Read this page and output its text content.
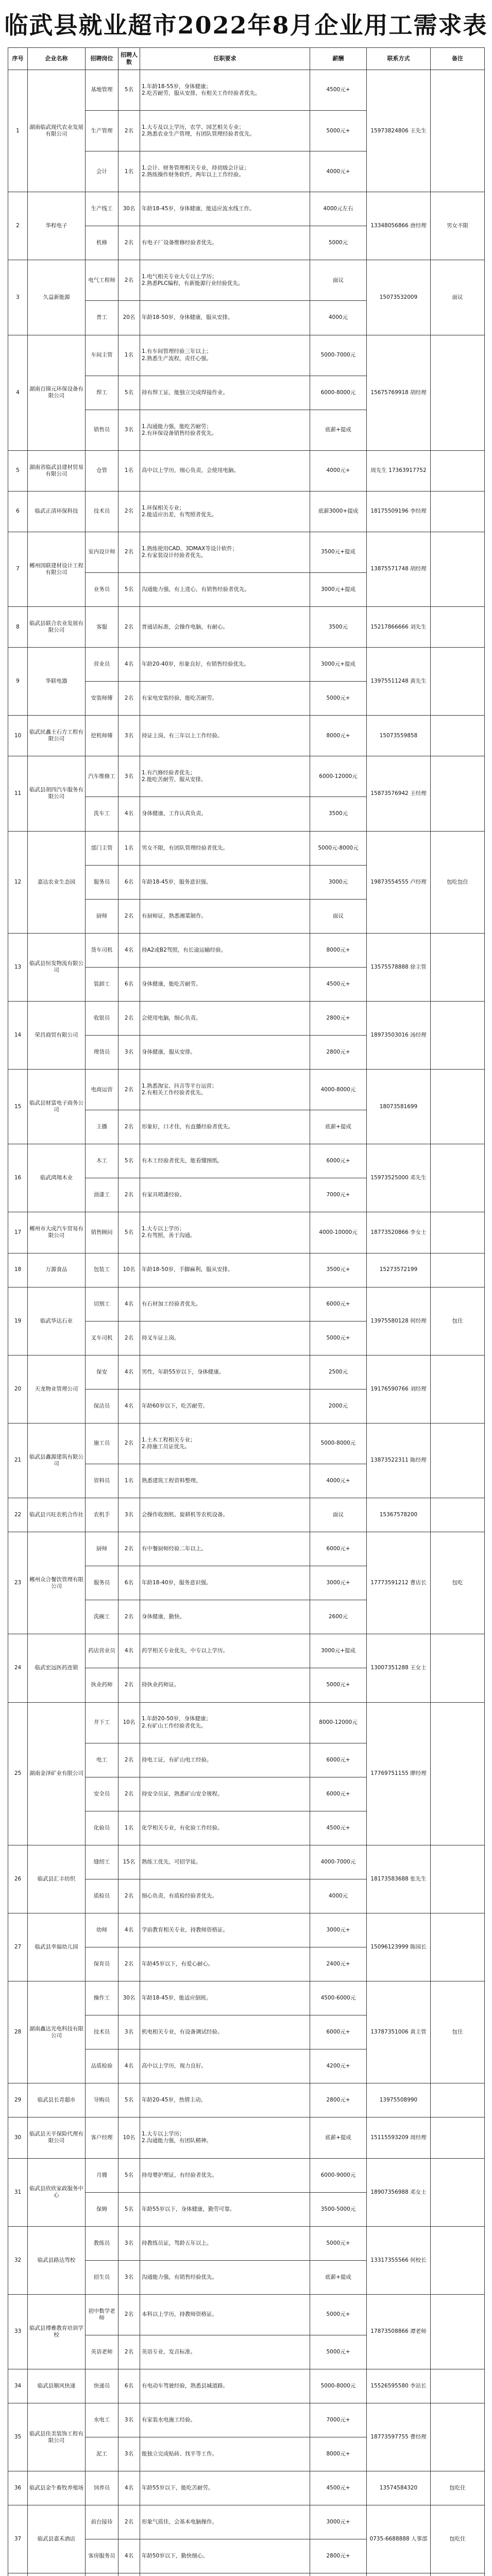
临武县就业超市2022年8月企业用工需求表
序号	企业名称	招聘岗位	招聘人数	任职要求	薪酬	联系方式	备注
1	湖南临武现代农业发展有限公司	基地管理	5名	1.年龄18-55岁，身体健康；
2.吃苦耐劳，服从安排，有相关工作经验者优先。	4500元+	15973824806 王先生	
		生产管理	2名	1.大专及以上学历，农学、园艺相关专业；
2.熟悉农业生产管理，有团队管理经验者优先。	5000元+		
		会计	1名	1.会计、财务管理相关专业，持初级会计证；
2.熟练操作财务软件，两年以上工作经验。	4000元+		
2	华程电子	生产线工	30名	年龄18-45岁，身体健康，能适应流水线工作。	4000元左右	13348056866 唐经理	男女不限
		机修	2名	有电子厂设备维修经验者优先。	5000元		
3	久益新能源	电气工程师	2名	1.电气相关专业大专以上学历；
2.熟悉PLC编程，有新能源行业经验优先。	面议	15073532009	面议
		普工	20名	年龄18-50岁，身体健康，服从安排。	4000元		
4	湖南百锦元环保设备有限公司	车间主管	1名	1.有车间管理经验三年以上；
2.熟悉生产流程，责任心强。	5000-7000元	15675769918 胡经理	
		焊工	5名	持有焊工证，能独立完成焊接作业。	6000-8000元		
		销售员	3名	1.沟通能力强，能吃苦耐劳；
2.有环保设备销售经验者优先。	底薪+提成		
5	湖南省临武县建材贸易有限公司	仓管	1名	高中以上学历，细心负责，会使用电脑。	4000元+	周先生 17363917752	
6	临武正清环保科技	技术员	2名	1.环保相关专业；
2.能适应出差，有驾照者优先。	底薪3000+提成	18175509196 李经理	
7	郴州国联建材设计工程有限公司	室内设计师	2名	1.熟练使用CAD、3DMAX等设计软件；
2.有家装设计经验者优先。	3500元+提成	13875571748 胡经理	
		业务员	5名	沟通能力强，有上进心，有销售经验者优先。	3000元+提成		
8	临武县联合农业发展有限公司	客服	2名	普通话标准，会操作电脑，有耐心。	3500元	15217866666 刘先生	
9	华联电器	营业员	4名	年龄20-40岁，形象良好，有销售经验优先。	3000元+提成	13975511248 黄先生	
		安装师傅	2名	有家电安装经验，能吃苦耐劳。	5000元+		
10	临武民鑫土石方工程有限公司	挖机师傅	3名	持证上岗，有三年以上工作经验。	8000元+	15073559858	
11	临武县胡四汽车服务有限公司	汽车维修工	3名	1.有汽修经验者优先；
2.能吃苦耐劳，服从安排。	6000-12000元	15873576942 王经理	
		洗车工	4名	身体健康，工作认真负责。	3500元		
12	嘉达农业生态园	部门主管	1名	男女不限，有团队管理经验者优先。	5000元-8000元	19873554555 卢经理	包吃包住
		服务员	6名	年龄18-45岁，服务意识强。	3000元		
		厨师	2名	有厨师证，熟悉湘菜制作。	面议		
13	临武县恒发物流有限公司	货车司机	4名	持A2或B2驾照，有长途运输经验。	8000元+	13575578888 徐主管	
		装卸工	6名	身体健康，能吃苦耐劳。	4500元+		
14	荣昌商贸有限公司	收银员	2名	会使用电脑，细心负责。	2800元+	18973503016 汤经理	
		理货员	3名	身体健康，服从安排。	2800元+		
15	临武县财富电子商务公司	电商运营	2名	1.熟悉淘宝、抖音等平台运营；
2.有相关工作经验者优先。	4000-8000元	18073581699	
		主播	2名	形象好，口才佳，有直播经验者优先。	底薪+提成		
16	临武鸿翔木业	木工	5名	有木工经验者优先，能看懂图纸。	6000元+	15973525000 邓先生	
		油漆工	2名	有家具喷漆经验。	7000元+		
17	郴州市大成汽车贸易有限公司	销售顾问	5名	1.大专以上学历；
2.有驾照，善于沟通。	4000-10000元	18773520866 李女士	
18	万源食品	包装工	10名	年龄18-50岁，手脚麻利，服从安排。	3500元+	15273572199	
19	临武华达石业	切割工	4名	有石材加工经验者优先。	6000元+	13975580128 何经理	包住
		叉车司机	2名	持叉车证上岗。	5000元+		
20	天龙物业管理公司	保安	4名	男性，年龄55岁以下，身体健康。	2500元	19176590766 刘经理	
		保洁员	4名	年龄60岁以下，吃苦耐劳。	2000元		
21	临武县鑫源建筑有限公司	施工员	2名	1.土木工程相关专业；
2.持施工员证优先。	5000-8000元	13873522311 陈经理	
		资料员	1名	熟悉建筑工程资料整理。	4000元+		
22	临武县兴旺农机合作社	农机手	3名	会操作收割机、旋耕机等农机设备。	面议	15367578200	
23	郴州众合餐饮管理有限公司	厨师	2名	有中餐厨师经验二年以上。	6000元+	17773591212 曹店长	包吃
		服务员	6名	年龄18-40岁，服务意识强。	3000元+		
		洗碗工	2名	身体健康，勤快。	2600元		
24	临武宏远医药连锁	药店营业员	4名	药学相关专业优先，中专以上学历。	3000元+提成	13007351288 王女士	
		执业药师	2名	持执业药师证。	5000元+		
25	湖南金泽矿业有限公司	井下工	10名	1.年龄20-50岁，身体健康；
2.有矿山工作经验者优先。	8000-12000元	17769751155 廖经理	
		电工	2名	持电工证，有矿山电工经验。	6000元+		
		安全员	2名	持安全员证，熟悉矿山安全规程。	6000元+		
		化验员	1名	化学相关专业，有化验工作经验。	4500元+		
26	临武县汇丰纺织	缝纫工	15名	熟练工优先，可招学徒。	4000-7000元	18173583688 张先生	
		质检员	2名	细心负责，有质检经验者优先。	4000元		
27	临武县幸福幼儿园	幼师	4名	学前教育相关专业，持教师资格证。	3000元+	15096123999 陈园长	
		保育员	2名	年龄45岁以下，有爱心耐心。	2400元+		
28	湖南鑫达光电科技有限公司	操作工	30名	年龄18-45岁，能适应倒班。	4500-6000元	13787351006 黄主管	包住
		技术员	3名	机电相关专业，有设备调试经验。	6000元+		
		品质检验	4名	高中以上学历，视力良好。	4200元+		
29	临武县长青超市	导购员	5名	年龄20-45岁，热情主动。	2800元+	13975508990	
30	临武县天平保险代理有限公司	客户经理	10名	1.大专以上学历；
2.沟通能力强，有团队精神。	底薪+提成	15115593209 周经理	
31	临武县欣欣家政服务中心	月嫂	5名	持母婴护理证，有经验者优先。	6000-9000元	18907356988 邓女士	
		保姆	5名	年龄55岁以下，身体健康，勤劳可靠。	3500-5000元		
32	临武县路达驾校	教练员	3名	持教练员证，驾龄五年以上。	5000元+	13317355566 何校长	
		招生员	3名	沟通能力强，有销售经验优先。	底薪+提成		
33	临武县博雅教育培训学校	初中数学老师	2名	本科以上学历，持教师资格证。	5000元+	17873508866 谭老师	
		英语老师	2名	英语专业，发音标准。	5000元+		
34	临武县顺风快递	快递员	6名	有电动车驾驶经验，熟悉县城道路。	5000-8000元	15526595580 李站长	
35	临武县佳美装饰工程有限公司	水电工	3名	有家装水电施工经验。	7000元+	18773597755 曹经理	
		泥工	3名	能独立完成贴砖、找平等工作。	8000元+		
36	临武县金牛畜牧养殖场	饲养员	4名	年龄55岁以下，能吃苦耐劳。	4500元+	13574584320	包吃住
37	临武县嘉禾酒店	前台接待	2名	形象气质佳，会基本电脑操作。	3000元+	0735-6688888 人事部	包吃住
		客房服务员	4名	年龄50岁以下，勤快细心。	2800元+		
